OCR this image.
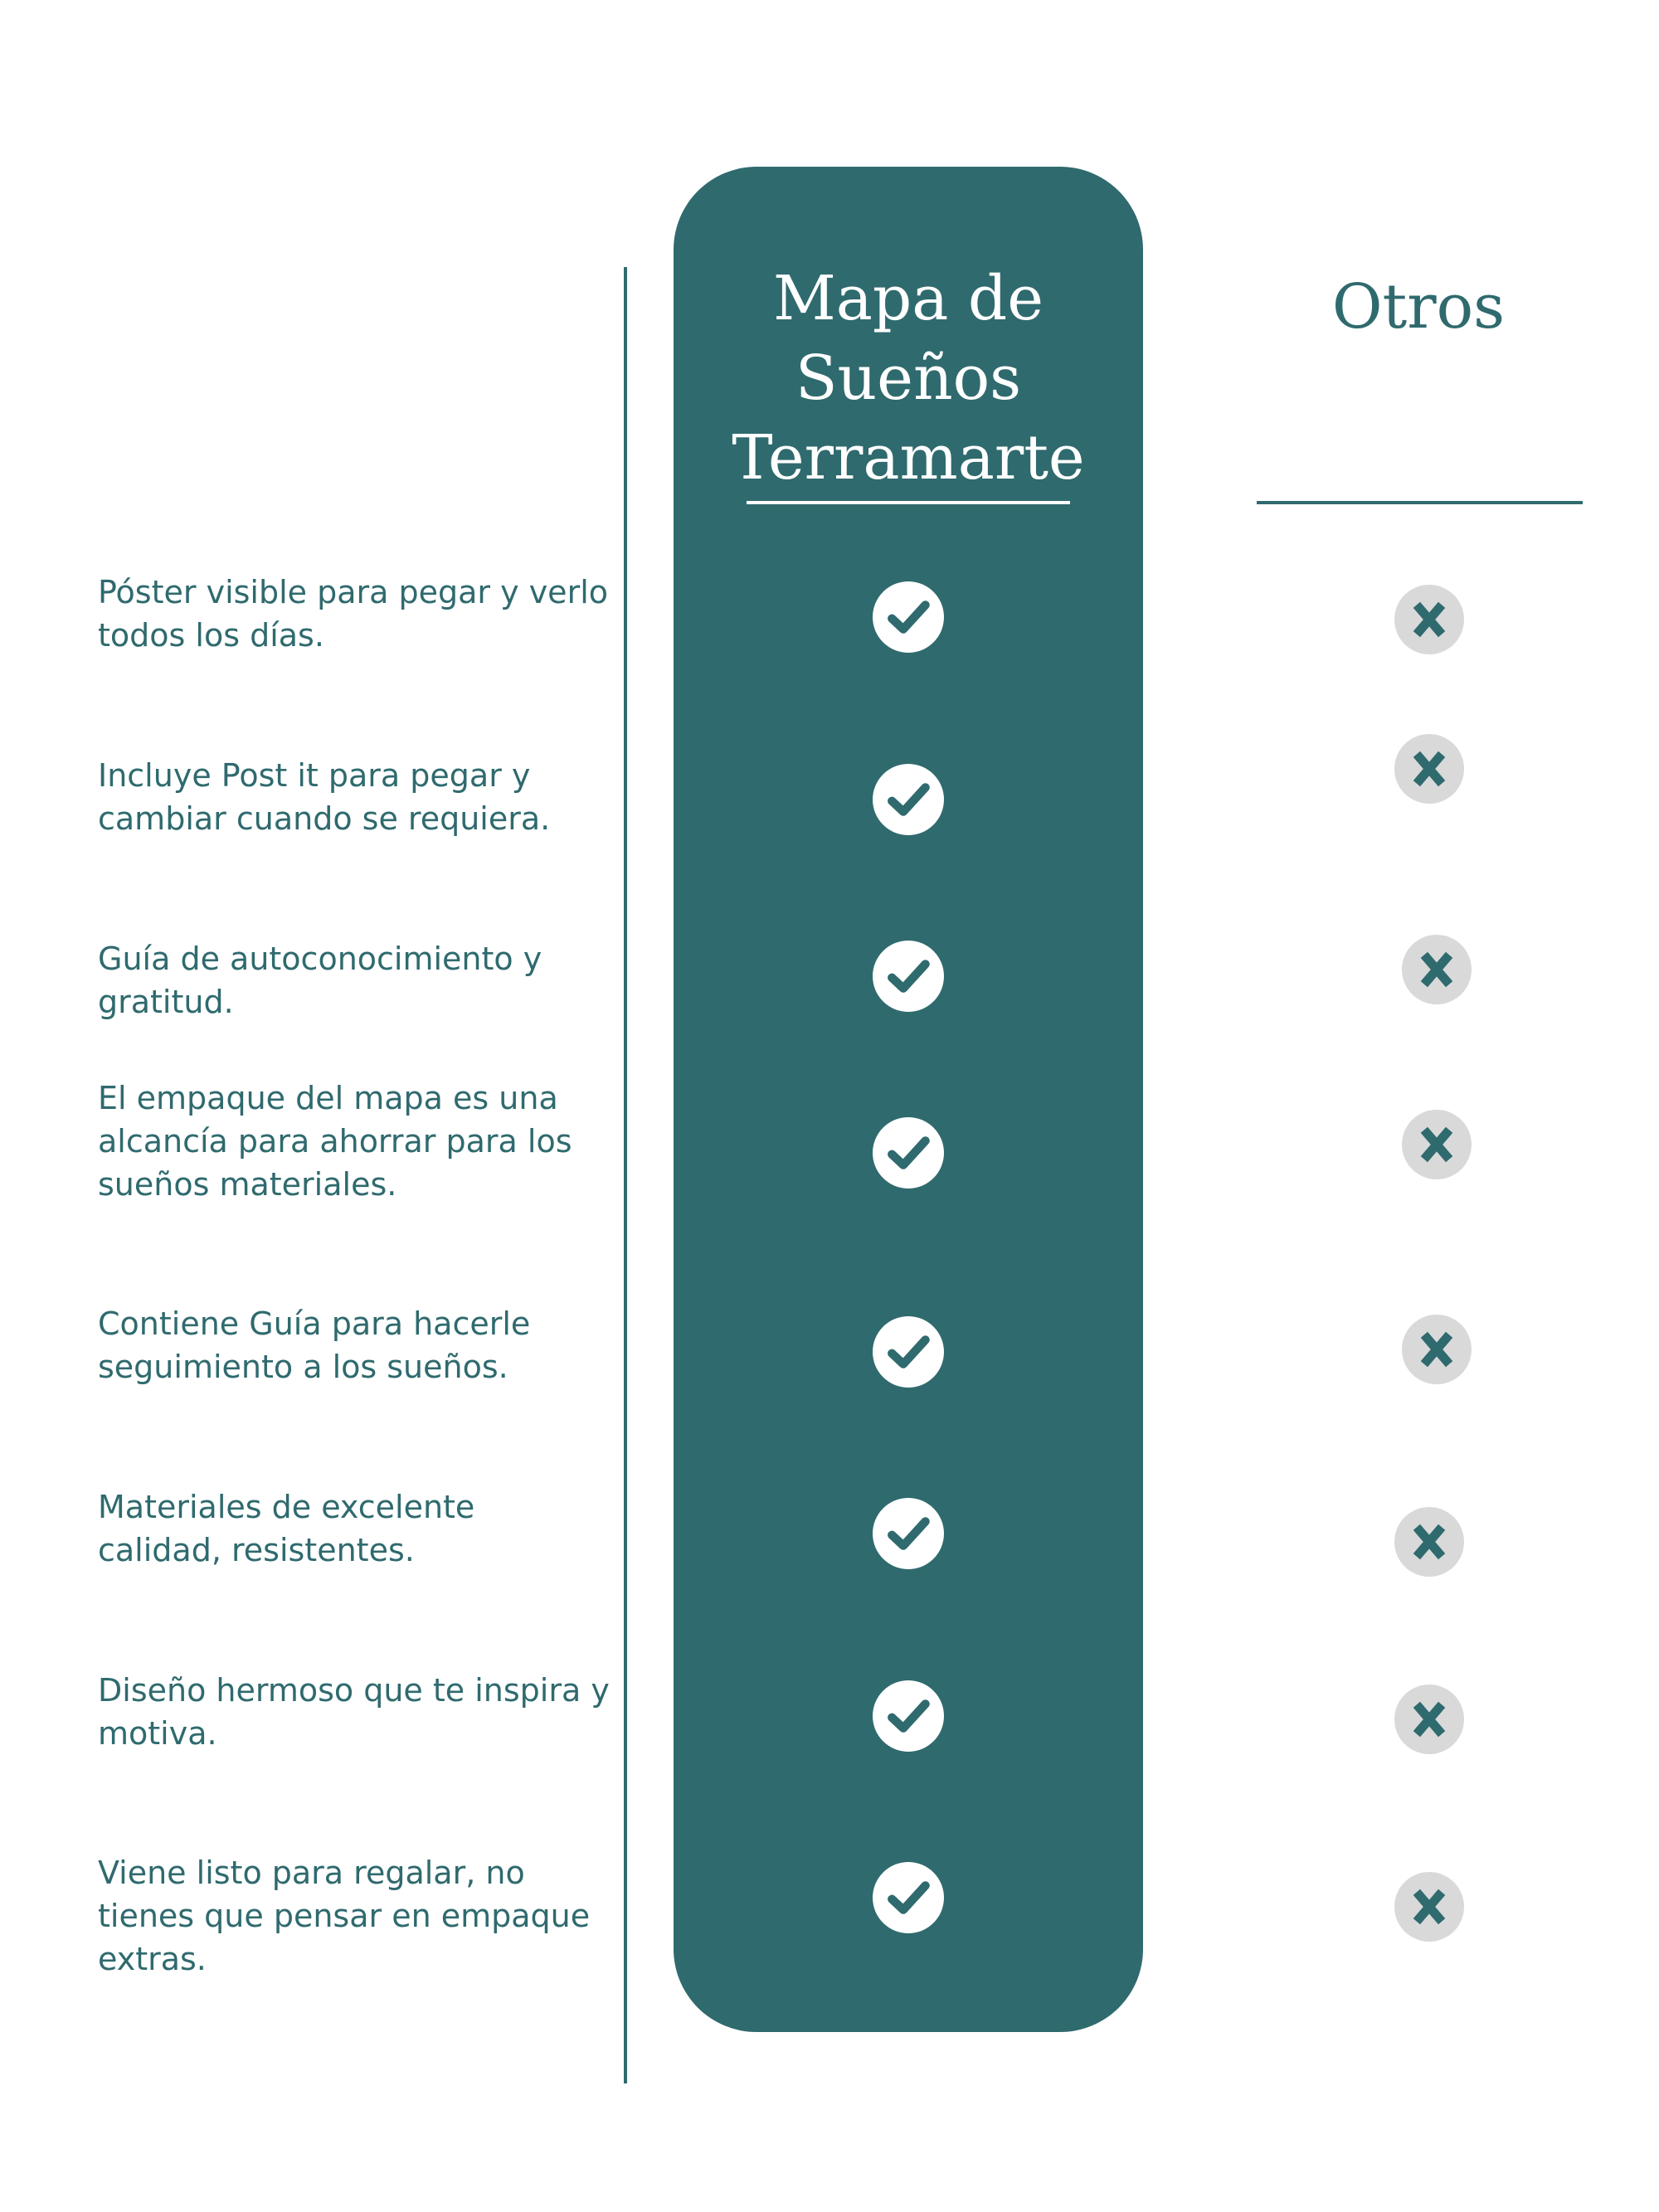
Mapa de Sueños
Terramarte
Otros
Póster visible para pegar y verlo
todos los días.
Incluye Post it para pegar y
cambiar cuando se requiera.
Guía de autoconocimiento y
gratitud.
El empaque del mapa es una
alcancía para ahorrar para los
sueños materiales.
Contiene Guía para hacerle
seguimiento a los sueños.
Materiales de excelente
calidad, resistentes.
Diseño hermoso que te inspira y
motiva.
Viene listo para regalar, no
tienes que pensar en empaque
extras.
